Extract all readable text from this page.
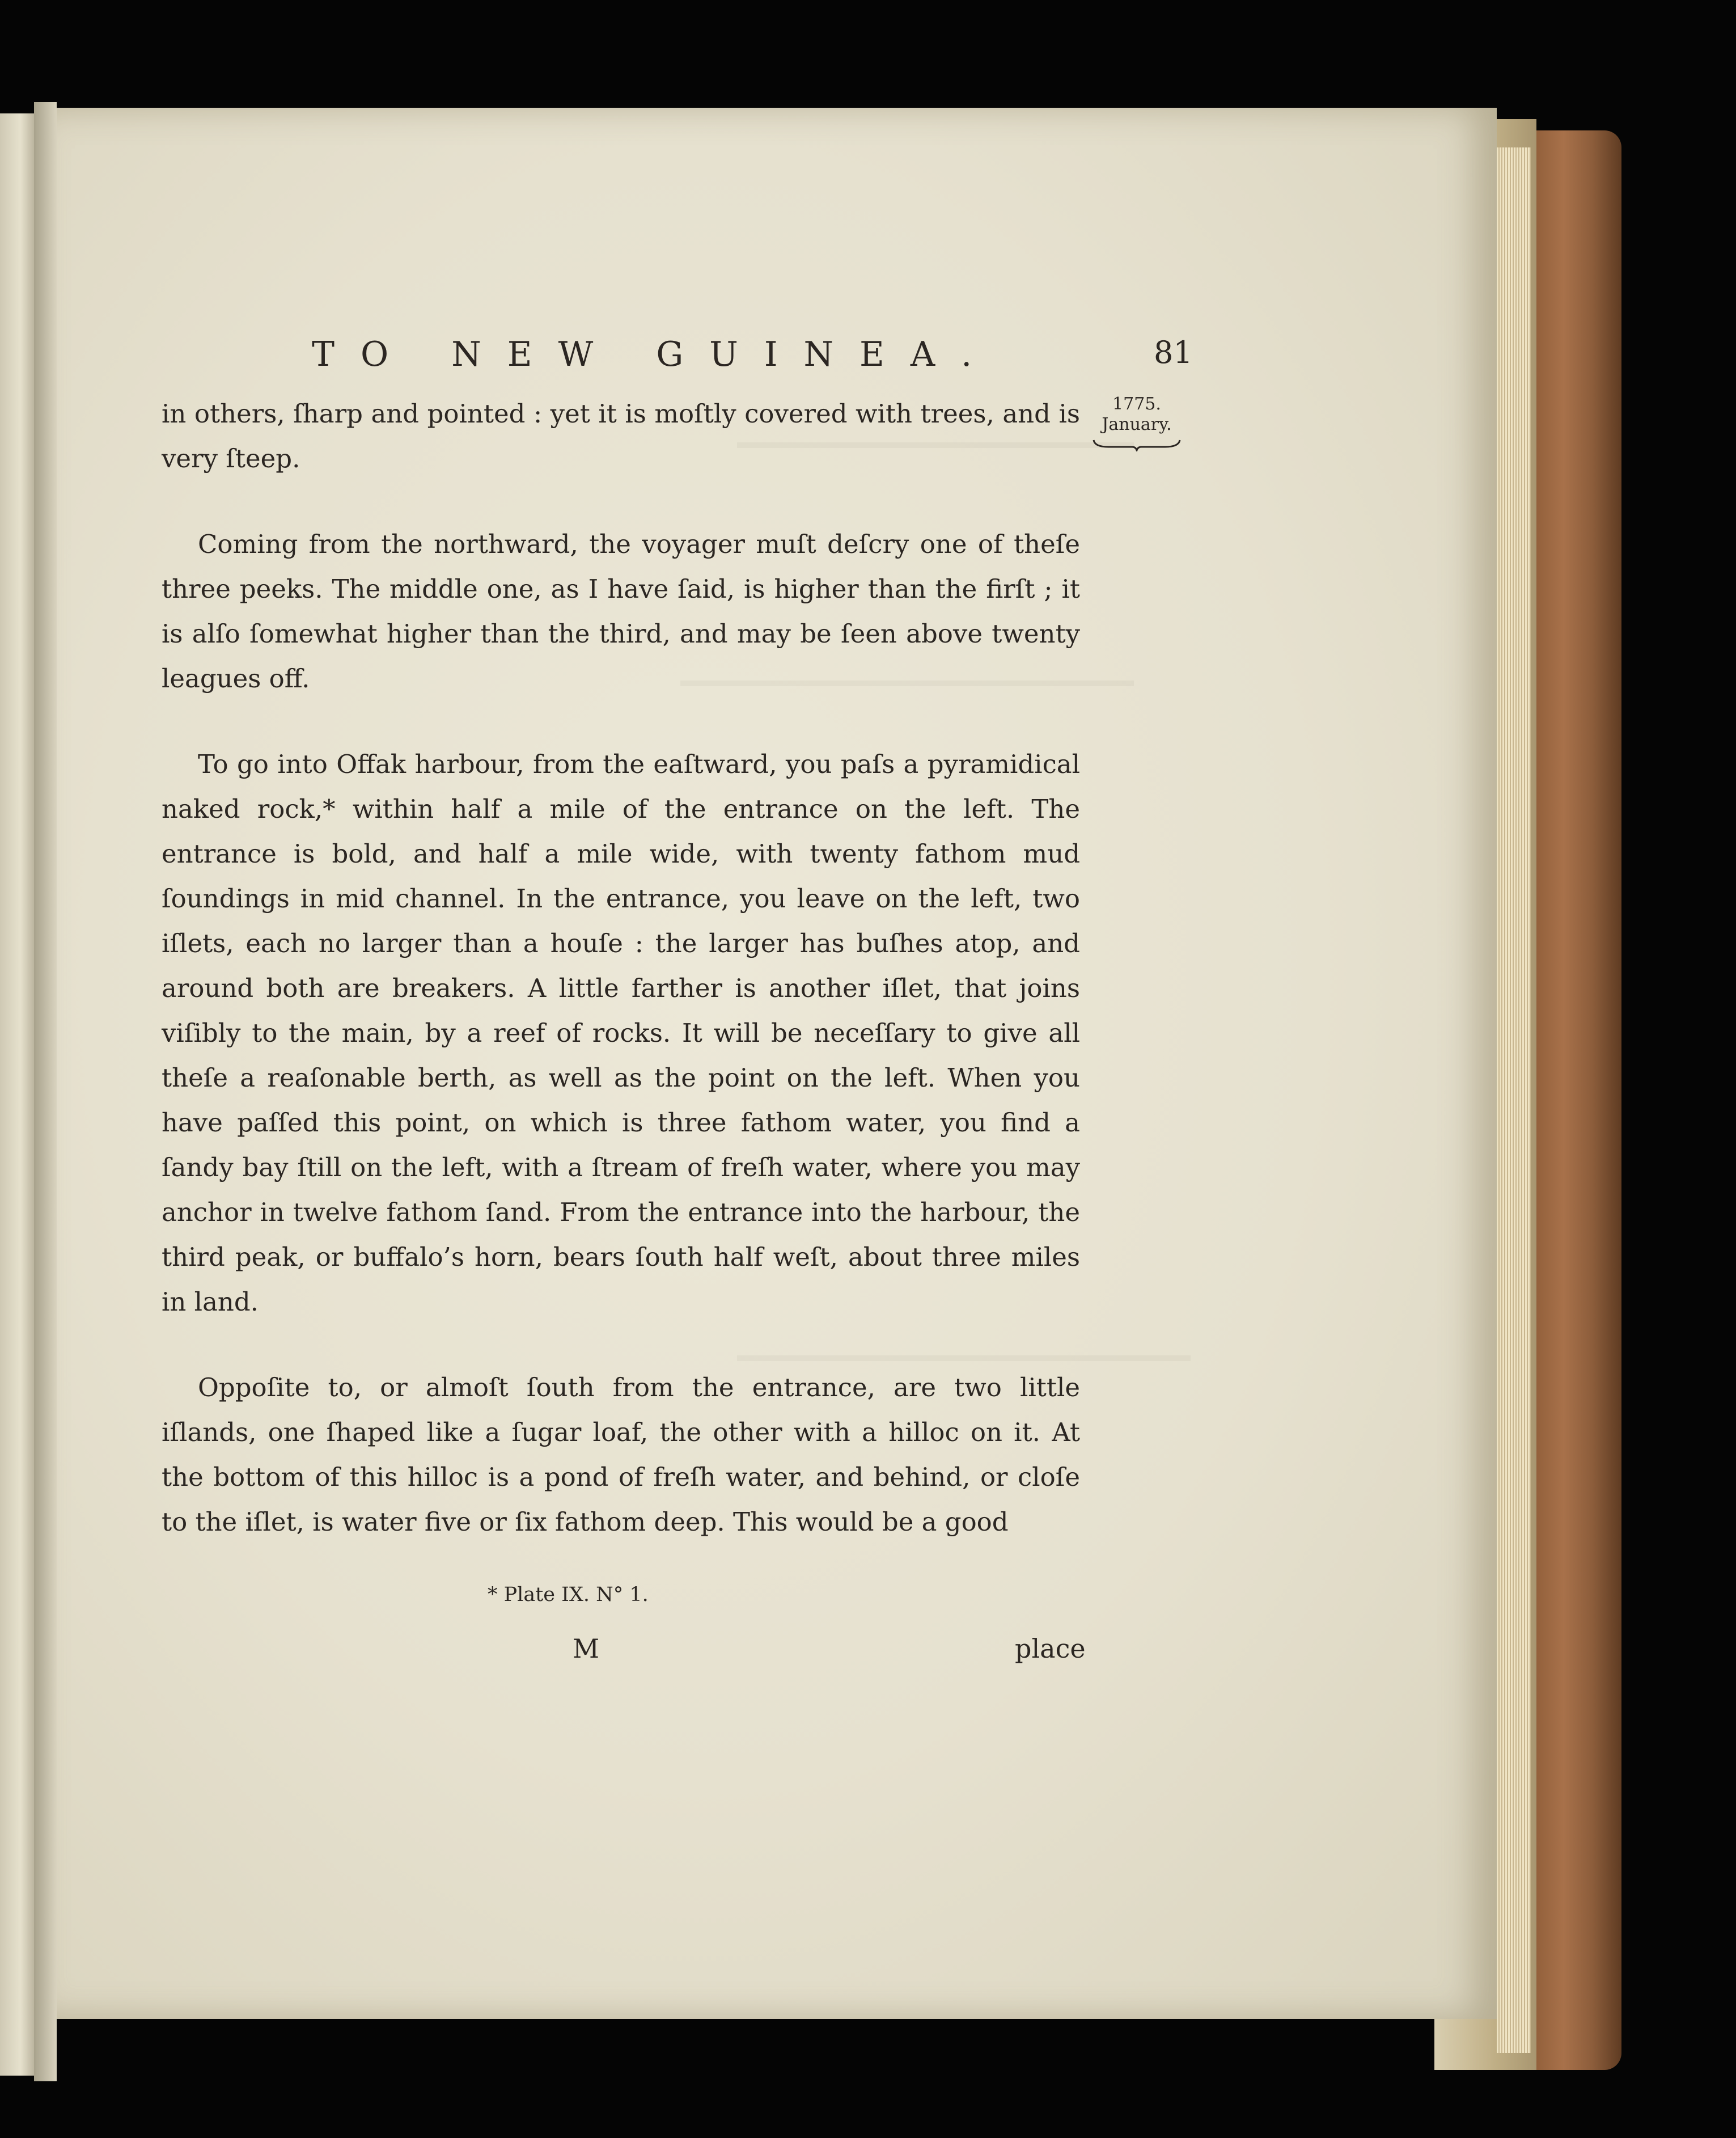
TO NEW GUINEA.	81
1775.
January.

in others, ſharp and pointed : yet it is moſtly covered with trees, and is very ſteep.

Coming from the northward, the voyager muſt deſcry one of theſe three peeks. The middle one, as I have ſaid, is higher than the firſt ; it is alſo ſomewhat higher than the third, and may be ſeen above twenty leagues off.

To go into Offak harbour, from the eaſtward, you paſs a pyramidical naked rock,* within half a mile of the entrance on the left. The entrance is bold, and half a mile wide, with twenty fathom mud ſoundings in mid channel. In the entrance, you leave on the left, two iſlets, each no larger than a houſe : the larger has buſhes atop, and around both are breakers. A little farther is another iſlet, that joins viſibly to the main, by a reef of rocks. It will be neceſſary to give all theſe a reaſonable berth, as well as the point on the left. When you have paſſed this point, on which is three fathom water, you find a ſandy bay ſtill on the left, with a ſtream of freſh water, where you may anchor in twelve fathom ſand. From the entrance into the harbour, the third peak, or buffalo’s horn, bears ſouth half weſt, about three miles in land.

Oppoſite to, or almoſt ſouth from the entrance, are two little iſlands, one ſhaped like a ſugar loaf, the other with a hilloc on it. At the bottom of this hilloc is a pond of freſh water, and behind, or cloſe to the iſlet, is water five or ſix fathom deep. This would be a good

* Plate IX. N° 1.
M	place
